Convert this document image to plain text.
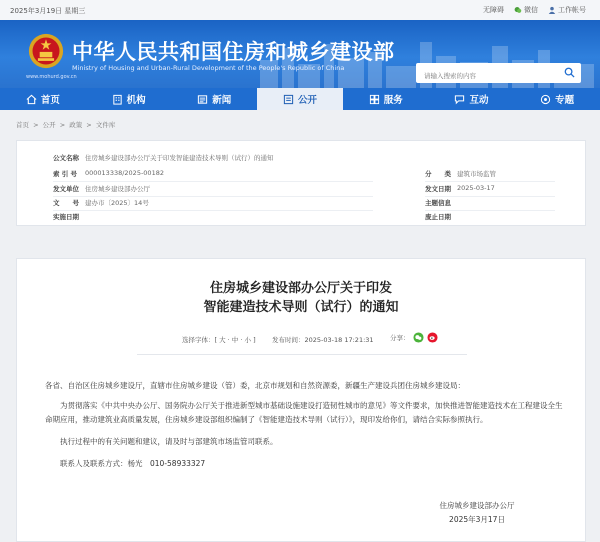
2025年3月19日 星期三	无障碍	微信	工作帐号
中华人民共和国住房和城乡建设部
Ministry of Housing and Urban-Rural Development of the People's Republic of China
www.mohurd.gov.cn
请输入搜索的内容
首页	机构	新闻	公开	服务	互动	专题
首页 > 公开 > 政策 > 文件库
公文名称 住房城乡建设部办公厅关于印发智能建造技术导则（试行）的通知
索 引 号 000013338/2025-00182	分　　类 建筑市场监管
发文单位 住房城乡建设部办公厅	发文日期 2025-03-17
文　　号 建办市〔2025〕14号	主题信息
实施日期	废止日期
住房城乡建设部办公厅关于印发
智能建造技术导则（试行）的通知
选择字体：[ 大 · 中 · 小 ]	发布时间：2025-03-18 17:21:31	分享：

各省、自治区住房城乡建设厅，直辖市住房城乡建设（管）委，北京市规划和自然资源委，新疆生产建设兵团住房城乡建设局：

为贯彻落实《中共中央办公厅、国务院办公厅关于推进新型城市基础设施建设打造韧性城市的意见》等文件要求，加快推进智能建造技术在工程建设全生命期应用，推动建筑业高质量发展，住房城乡建设部组织编制了《智能建造技术导则（试行）》，现印发给你们，请结合实际参照执行。

执行过程中的有关问题和建议，请及时与部建筑市场监管司联系。

联系人及联系方式：杨光　010-58933327

住房城乡建设部办公厅

2025年3月17日
